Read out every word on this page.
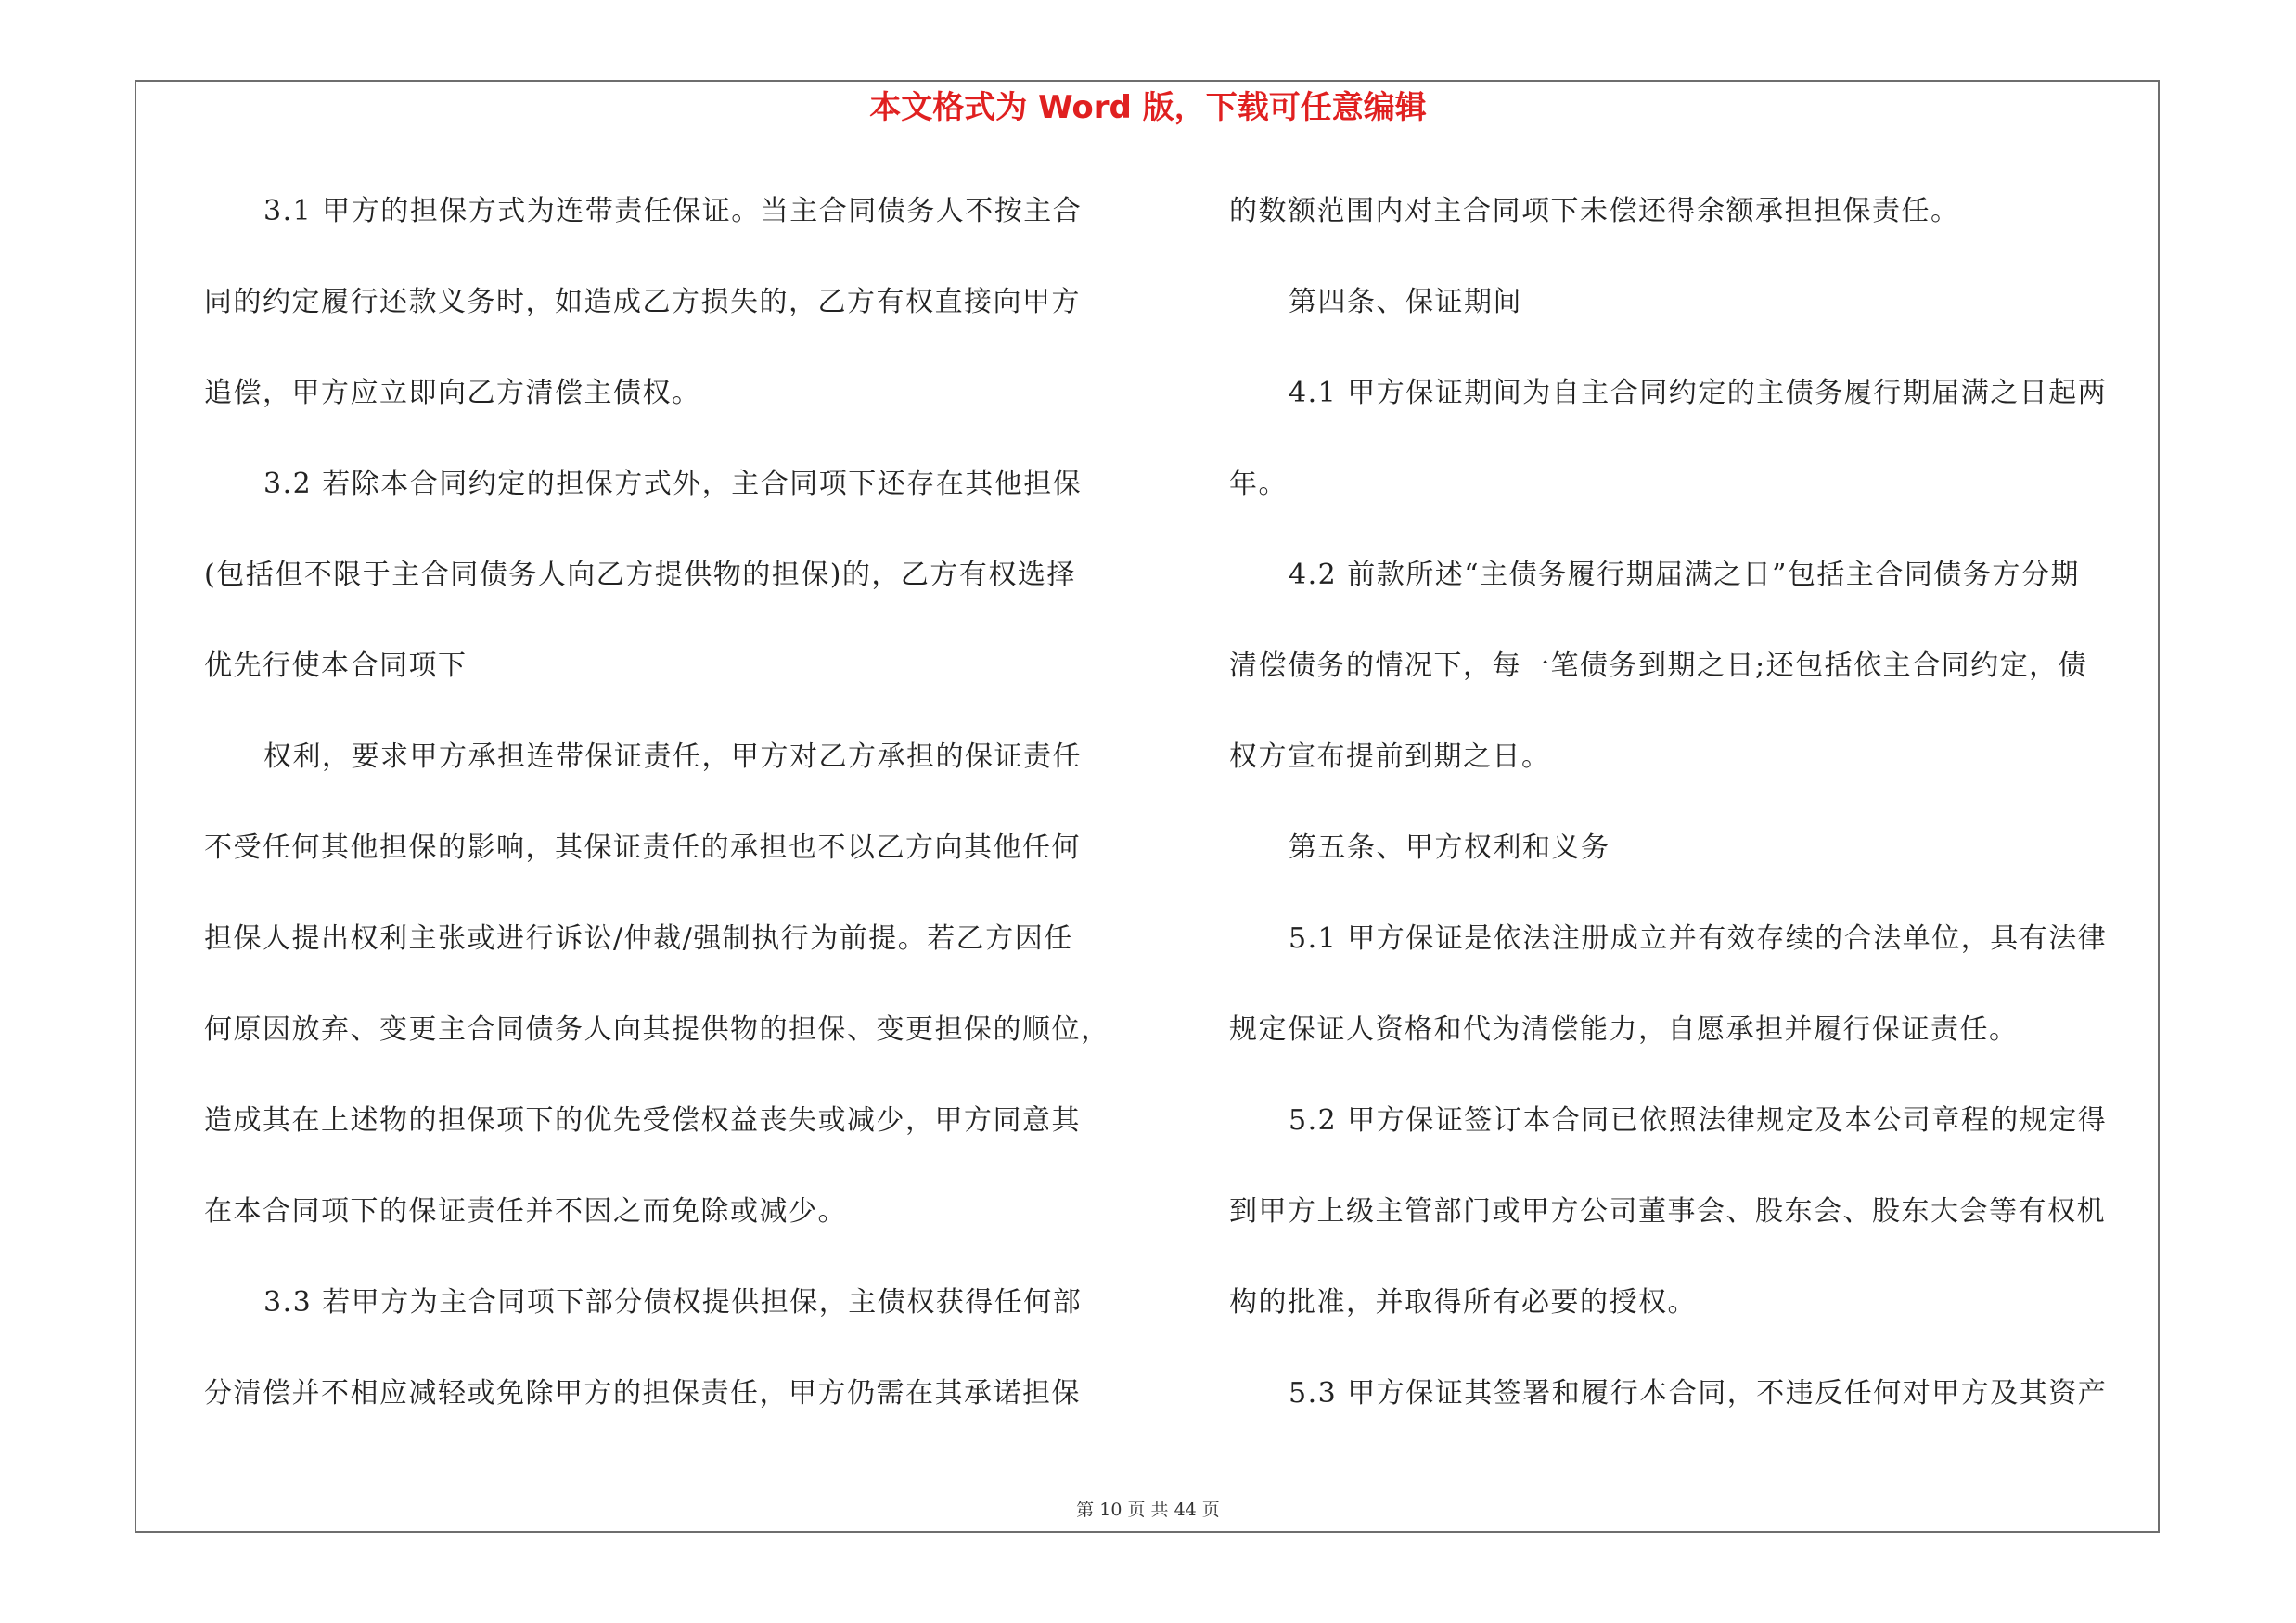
本文格式为 Word 版，下载可任意编辑
3.1 甲方的担保方式为连带责任保证。当主合同债务人不按主合
同的约定履行还款义务时，如造成乙方损失的，乙方有权直接向甲方
追偿，甲方应立即向乙方清偿主债权。
3.2 若除本合同约定的担保方式外，主合同项下还存在其他担保
(包括但不限于主合同债务人向乙方提供物的担保)的，乙方有权选择
优先行使本合同项下
权利，要求甲方承担连带保证责任，甲方对乙方承担的保证责任
不受任何其他担保的影响，其保证责任的承担也不以乙方向其他任何
担保人提出权利主张或进行诉讼/仲裁/强制执行为前提。若乙方因任
何原因放弃、变更主合同债务人向其提供物的担保、变更担保的顺位，
造成其在上述物的担保项下的优先受偿权益丧失或减少，甲方同意其
在本合同项下的保证责任并不因之而免除或减少。
3.3 若甲方为主合同项下部分债权提供担保，主债权获得任何部
分清偿并不相应减轻或免除甲方的担保责任，甲方仍需在其承诺担保
的数额范围内对主合同项下未偿还得余额承担担保责任。
第四条、保证期间
4.1 甲方保证期间为自主合同约定的主债务履行期届满之日起两
年。
4.2 前款所述“主债务履行期届满之日”包括主合同债务方分期
清偿债务的情况下，每一笔债务到期之日;还包括依主合同约定，债
权方宣布提前到期之日。
第五条、甲方权利和义务
5.1 甲方保证是依法注册成立并有效存续的合法单位，具有法律
规定保证人资格和代为清偿能力，自愿承担并履行保证责任。
5.2 甲方保证签订本合同已依照法律规定及本公司章程的规定得
到甲方上级主管部门或甲方公司董事会、股东会、股东大会等有权机
构的批准，并取得所有必要的授权。
5.3 甲方保证其签署和履行本合同，不违反任何对甲方及其资产
第 10 页 共 44 页
